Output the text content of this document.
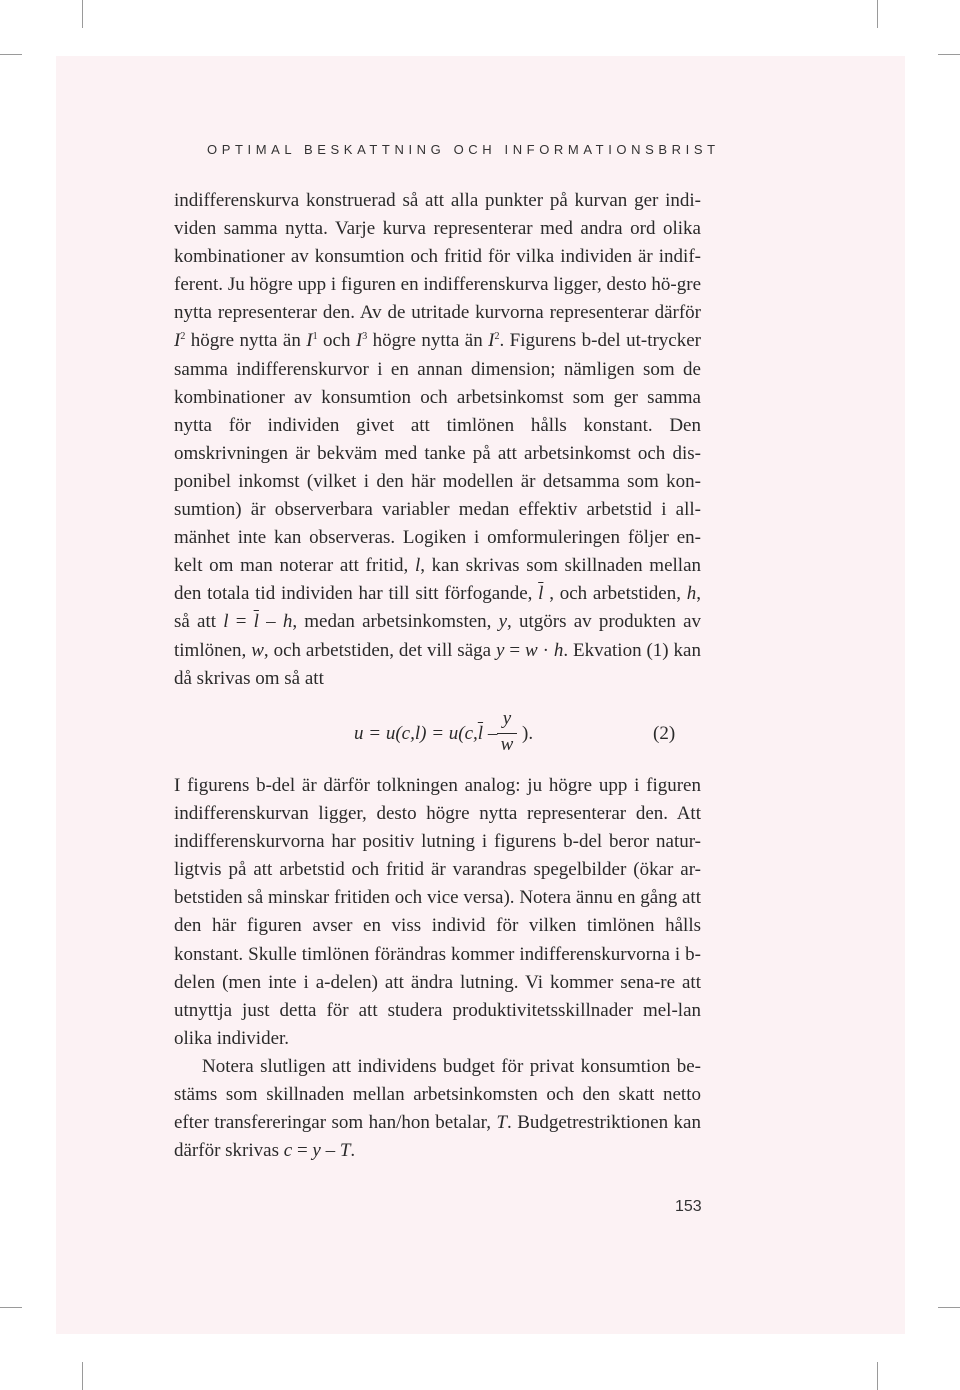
OPTIMAL BESKATTNING OCH INFORMATIONSBRIST

indifferenskurva konstruerad så att alla punkter på kurvan ger indi-viden samma nytta. Varje kurva representerar med andra ord olika kombinationer av konsumtion och fritid för vilka individen är indif-ferent. Ju högre upp i figuren en indifferenskurva ligger, desto hö-gre nytta representerar den. Av de utritade kurvorna representerar därför $I^2$ högre nytta än $I^1$ och $I^3$ högre nytta än $I^2$. Figurens b-del ut-trycker samma indifferenskurvor i en annan dimension; nämligen som de kombinationer av konsumtion och arbetsinkomst som ger samma nytta för individen givet att timlönen hålls konstant. Den omskrivningen är bekväm med tanke på att arbetsinkomst och dis-ponibel inkomst (vilket i den här modellen är detsamma som kon-sumtion) är observerbara variabler medan effektiv arbetstid i all-mänhet inte kan observeras. Logiken i omformuleringen följer en-kelt om man noterar att fritid, l, kan skrivas som skillnaden mellan den totala tid individen har till sitt förfogande, $\overline{l}$ , och arbetstiden, h, så att $l = \overline{l} - h$, medan arbetsinkomsten, y, utgörs av produkten av timlönen, w, och arbetstiden, det vill säga y = w · h. Ekvation (1) kan då skrivas om så att

$u = u(c,l) = u(c,\overline{l}$ –
y
w
).	(2)

I figurens b-del är därför tolkningen analog: ju högre upp i figuren indifferenskurvan ligger, desto högre nytta representerar den. Att indifferenskurvorna har positiv lutning i figurens b-del beror natur-ligtvis på att arbetstid och fritid är varandras spegelbilder (ökar ar-betstiden så minskar fritiden och vice versa). Notera ännu en gång att den här figuren avser en viss individ för vilken timlönen hålls konstant. Skulle timlönen förändras kommer indifferenskurvorna i b-delen (men inte i a-delen) att ändra lutning. Vi kommer sena-re att utnyttja just detta för att studera produktivitetsskillnader mel-lan olika individer.

Notera slutligen att individens budget för privat konsumtion be-stäms som skillnaden mellan arbetsinkomsten och den skatt netto efter transfereringar som han/hon betalar, T. Budgetrestriktionen kan därför skrivas c = y – T.

153
